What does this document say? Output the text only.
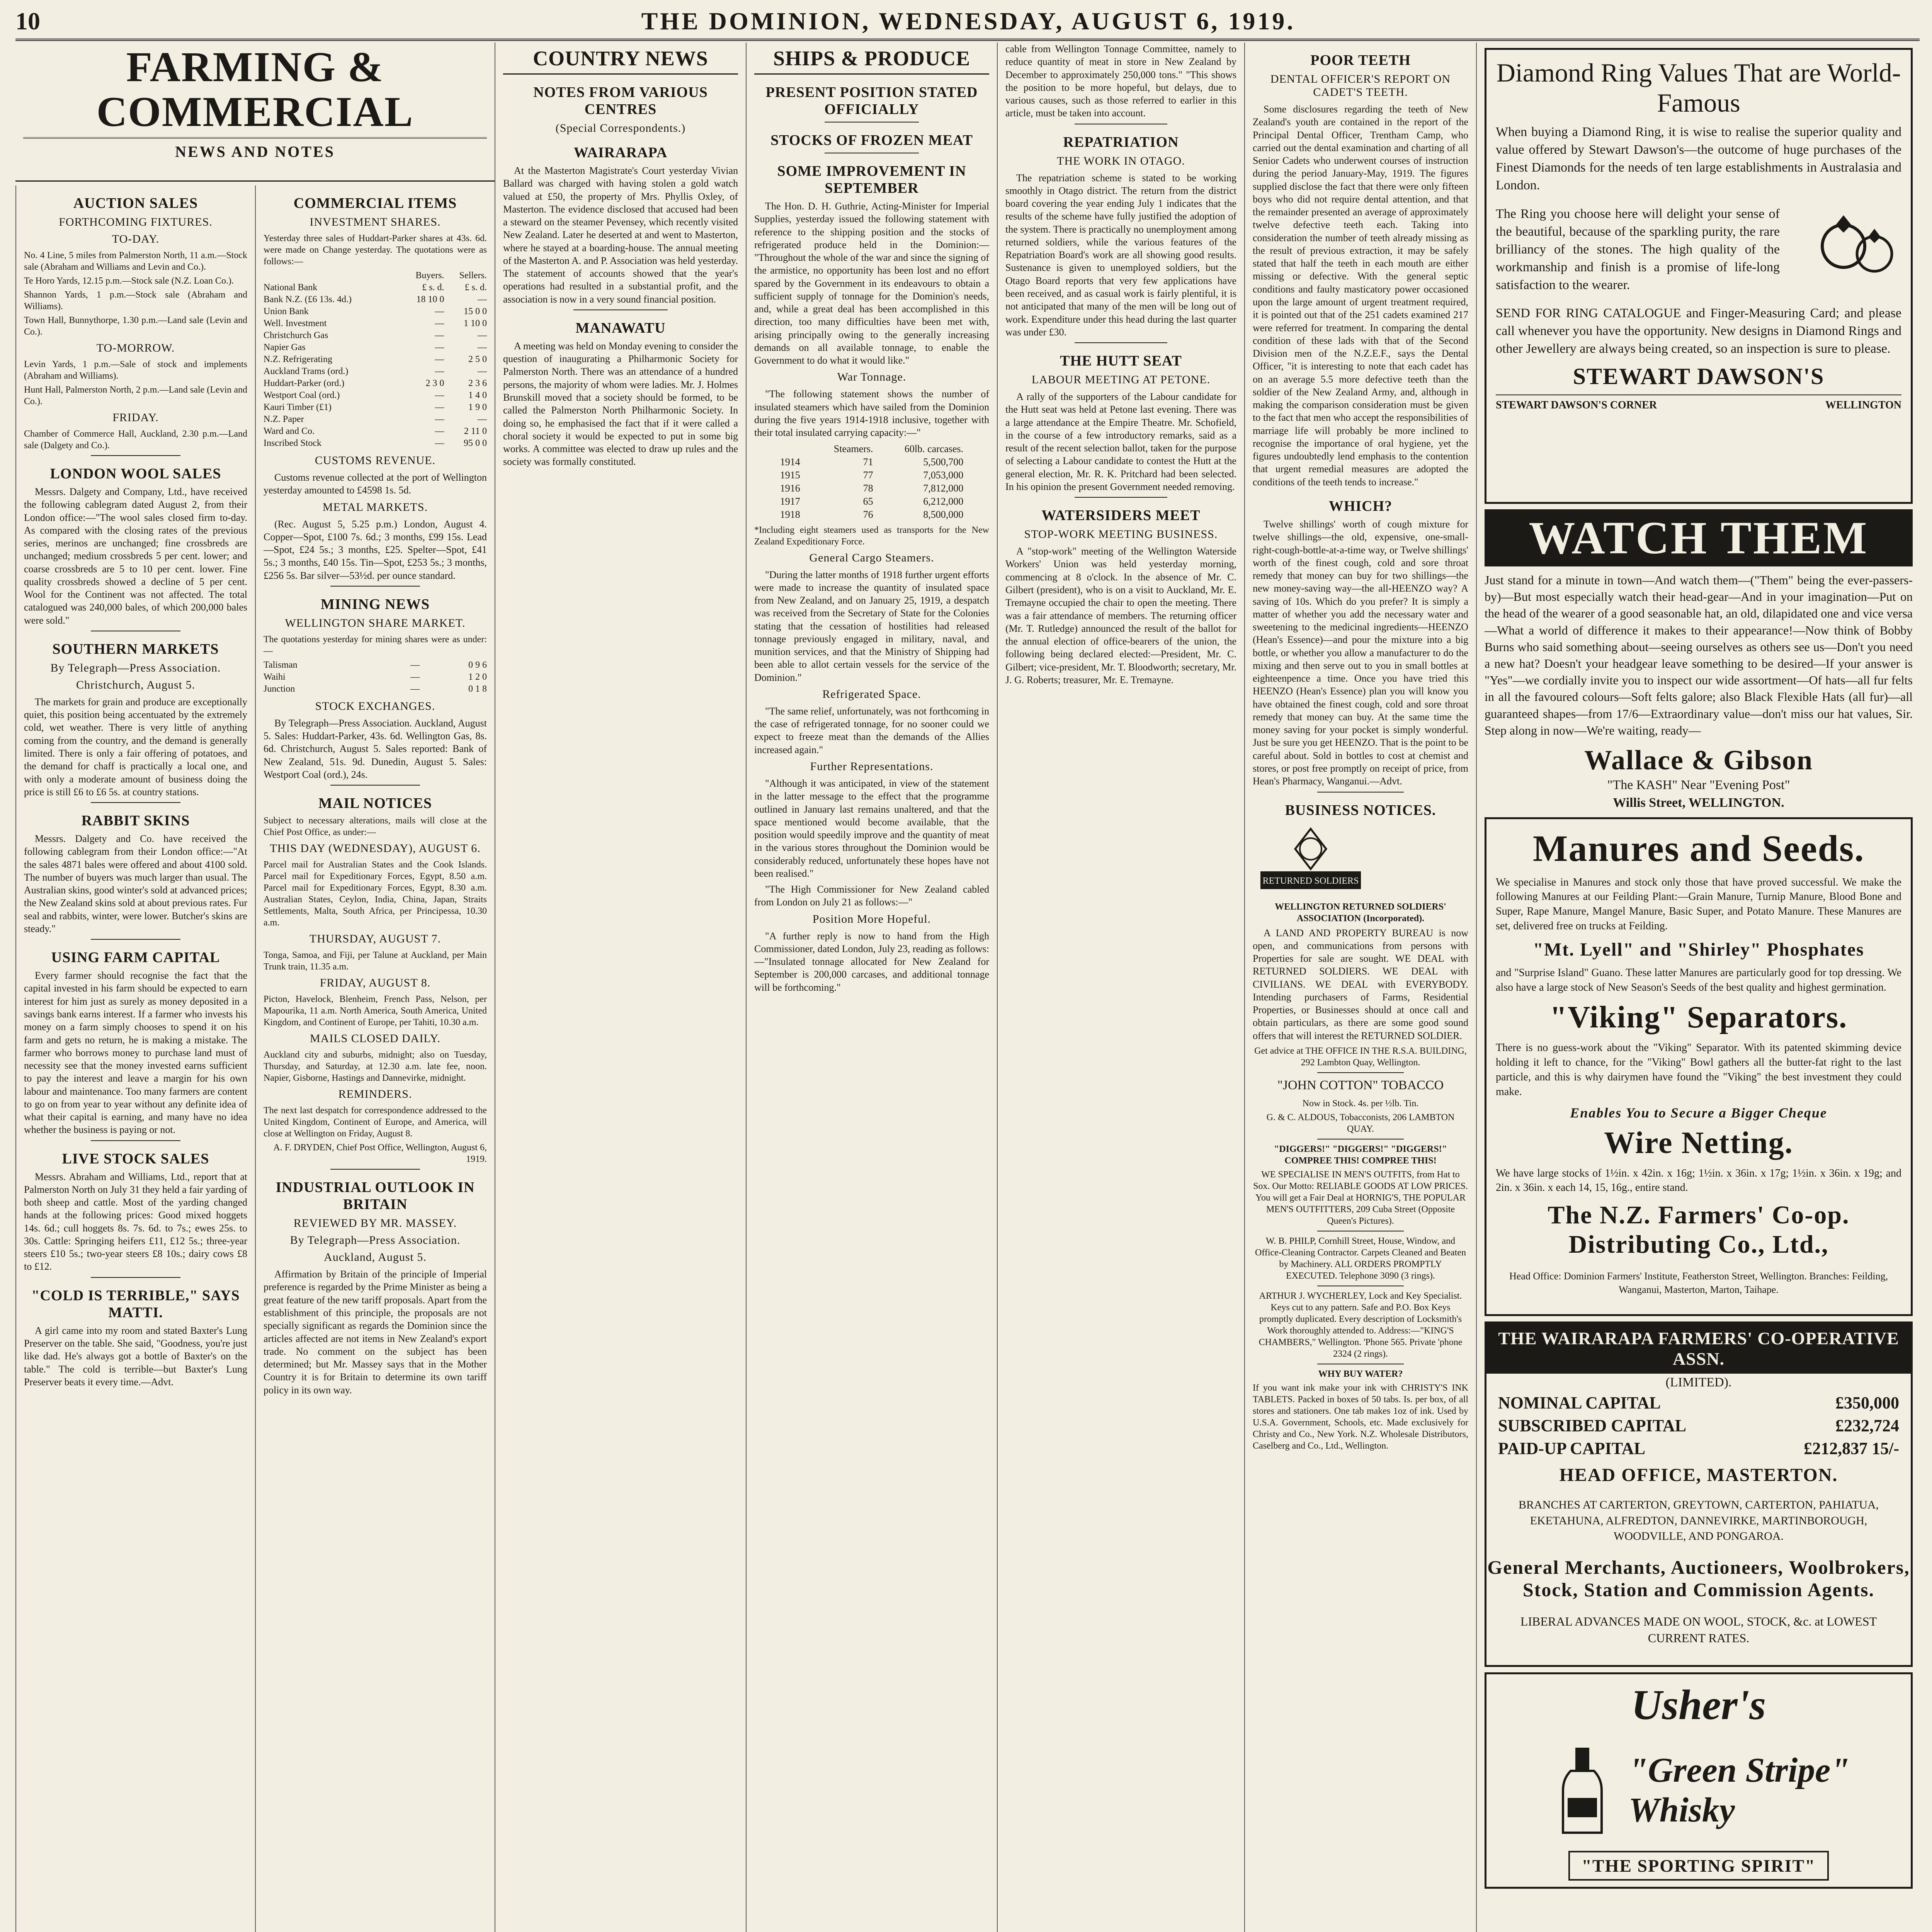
10	THE DOMINION, WEDNESDAY, AUGUST 6, 1919.
FARMING & COMMERCIAL
NEWS AND NOTES
AUCTION SALES
FORTHCOMING FIXTURES.
TO-DAY.

No. 4 Line, 5 miles from Palmerston North, 11 a.m.—Stock sale (Abraham and Williams and Levin and Co.).

Te Horo Yards, 12.15 p.m.—Stock sale (N.Z. Loan Co.).

Shannon Yards, 1 p.m.—Stock sale (Abraham and Williams).

Town Hall, Bunnythorpe, 1.30 p.m.—Land sale (Levin and Co.).

TO-MORROW.

Levin Yards, 1 p.m.—Sale of stock and implements (Abraham and Williams).

Hunt Hall, Palmerston North, 2 p.m.—Land sale (Levin and Co.).

FRIDAY.

Chamber of Commerce Hall, Auckland, 2.30 p.m.—Land sale (Dalgety and Co.).

LONDON WOOL SALES

Messrs. Dalgety and Company, Ltd., have received the following cablegram dated August 2, from their London office:—"The wool sales closed firm to-day. As compared with the closing rates of the previous series, merinos are unchanged; fine crossbreds are unchanged; medium crossbreds 5 per cent. lower; and coarse crossbreds are 5 to 10 per cent. lower. Fine quality crossbreds showed a decline of 5 per cent. Wool for the Continent was not affected. The total catalogued was 240,000 bales, of which 200,000 bales were sold."

SOUTHERN MARKETS
By Telegraph—Press Association.
Christchurch, August 5.

The markets for grain and produce are exceptionally quiet, this position being accentuated by the extremely cold, wet weather. There is very little of anything coming from the country, and the demand is generally limited. There is only a fair offering of potatoes, and the demand for chaff is practically a local one, and with only a moderate amount of business doing the price is still £6 to £6 5s. at country stations.

RABBIT SKINS

Messrs. Dalgety and Co. have received the following cablegram from their London office:—"At the sales 4871 bales were offered and about 4100 sold. The number of buyers was much larger than usual. The Australian skins, good winter's sold at advanced prices; the New Zealand skins sold at about previous rates. Fur seal and rabbits, winter, were lower. Butcher's skins are steady."

USING FARM CAPITAL

Every farmer should recognise the fact that the capital invested in his farm should be expected to earn interest for him just as surely as money deposited in a savings bank earns interest. If a farmer who invests his money on a farm simply chooses to spend it on his farm and gets no return, he is making a mistake. The farmer who borrows money to purchase land must of necessity see that the money invested earns sufficient to pay the interest and leave a margin for his own labour and maintenance. Too many farmers are content to go on from year to year without any definite idea of what their capital is earning, and many have no idea whether the business is paying or not.

LIVE STOCK SALES

Messrs. Abraham and Williams, Ltd., report that at Palmerston North on July 31 they held a fair yarding of both sheep and cattle. Most of the yarding changed hands at the following prices: Good mixed hoggets 14s. 6d.; cull hoggets 8s. 7s. 6d. to 7s.; ewes 25s. to 30s. Cattle: Springing heifers £11, £12 5s.; three-year steers £10 5s.; two-year steers £8 10s.; dairy cows £8 to £12.

"COLD IS TERRIBLE," SAYS MATTI.

A girl came into my room and stated Baxter's Lung Preserver on the table. She said, "Goodness, you're just like dad. He's always got a bottle of Baxter's on the table." The cold is terrible—but Baxter's Lung Preserver beats it every time.—Advt.

COMMERCIAL ITEMS
INVESTMENT SHARES.

Yesterday three sales of Huddart-Parker shares at 43s. 6d. were made on Change yesterday. The quotations were as follows:—

	Buyers.	Sellers.
National Bank	£ s. d.	£ s. d.
Bank N.Z. (£6 13s. 4d.)	18 10 0	—
Union Bank	—	15 0 0
Well. Investment	—	1 10 0
Christchurch Gas	—	—
Napier Gas	—	—
N.Z. Refrigerating	—	2 5 0
Auckland Trams (ord.)	—	—
Huddart-Parker (ord.)	2 3 0	2 3 6
Westport Coal (ord.)	—	1 4 0
Kauri Timber (£1)	—	1 9 0
N.Z. Paper	—	—
Ward and Co.	—	2 11 0
Inscribed Stock	—	95 0 0
CUSTOMS REVENUE.

Customs revenue collected at the port of Wellington yesterday amounted to £4598 1s. 5d.

METAL MARKETS.

(Rec. August 5, 5.25 p.m.) London, August 4. Copper—Spot, £100 7s. 6d.; 3 months, £99 15s. Lead—Spot, £24 5s.; 3 months, £25. Spelter—Spot, £41 5s.; 3 months, £40 15s. Tin—Spot, £253 5s.; 3 months, £256 5s. Bar silver—53½d. per ounce standard.

MINING NEWS
WELLINGTON SHARE MARKET.

The quotations yesterday for mining shares were as under:—

Talisman	—	0 9 6
Waihi	—	1 2 0
Junction	—	0 1 8
STOCK EXCHANGES.

By Telegraph—Press Association. Auckland, August 5. Sales: Huddart-Parker, 43s. 6d. Wellington Gas, 8s. 6d. Christchurch, August 5. Sales reported: Bank of New Zealand, 51s. 9d. Dunedin, August 5. Sales: Westport Coal (ord.), 24s.

MAIL NOTICES

Subject to necessary alterations, mails will close at the Chief Post Office, as under:—

THIS DAY (WEDNESDAY), AUGUST 6.

Parcel mail for Australian States and the Cook Islands. Parcel mail for Expeditionary Forces, Egypt, 8.50 a.m. Parcel mail for Expeditionary Forces, Egypt, 8.30 a.m. Australian States, Ceylon, India, China, Japan, Straits Settlements, Malta, South Africa, per Principessa, 10.30 a.m.

THURSDAY, AUGUST 7.

Tonga, Samoa, and Fiji, per Talune at Auckland, per Main Trunk train, 11.35 a.m.

FRIDAY, AUGUST 8.

Picton, Havelock, Blenheim, French Pass, Nelson, per Mapourika, 11 a.m. North America, South America, United Kingdom, and Continent of Europe, per Tahiti, 10.30 a.m.

MAILS CLOSED DAILY.

Auckland city and suburbs, midnight; also on Tuesday, Thursday, and Saturday, at 12.30 a.m. late fee, noon. Napier, Gisborne, Hastings and Dannevirke, midnight.

REMINDERS.

The next last despatch for correspondence addressed to the United Kingdom, Continent of Europe, and America, will close at Wellington on Friday, August 8.

A. F. DRYDEN, Chief Post Office, Wellington, August 6, 1919.

INDUSTRIAL OUTLOOK IN BRITAIN
REVIEWED BY MR. MASSEY.
By Telegraph—Press Association.
Auckland, August 5.

Affirmation by Britain of the principle of Imperial preference is regarded by the Prime Minister as being a great feature of the new tariff proposals. Apart from the establishment of this principle, the proposals are not specially significant as regards the Dominion since the articles affected are not items in New Zealand's export trade. No comment on the subject has been determined; but Mr. Massey says that in the Mother Country it is for Britain to determine its own tariff policy in its own way.

COUNTRY NEWS
NOTES FROM VARIOUS CENTRES
(Special Correspondents.)
WAIRARAPA

At the Masterton Magistrate's Court yesterday Vivian Ballard was charged with having stolen a gold watch valued at £50, the property of Mrs. Phyllis Oxley, of Masterton. The evidence disclosed that accused had been a steward on the steamer Pevensey, which recently visited New Zealand. Later he deserted at and went to Masterton, where he stayed at a boarding-house. The annual meeting of the Masterton A. and P. Association was held yesterday. The statement of accounts showed that the year's operations had resulted in a substantial profit, and the association is now in a very sound financial position.

MANAWATU

A meeting was held on Monday evening to consider the question of inaugurating a Philharmonic Society for Palmerston North. There was an attendance of a hundred persons, the majority of whom were ladies. Mr. J. Holmes Brunskill moved that a society should be formed, to be called the Palmerston North Philharmonic Society. In doing so, he emphasised the fact that if it were called a choral society it would be expected to put in some big works. A committee was elected to draw up rules and the society was formally constituted.

SHIPS & PRODUCE
PRESENT POSITION STATED OFFICIALLY
STOCKS OF FROZEN MEAT
SOME IMPROVEMENT IN SEPTEMBER

The Hon. D. H. Guthrie, Acting-Minister for Imperial Supplies, yesterday issued the following statement with reference to the shipping position and the stocks of refrigerated produce held in the Dominion:— "Throughout the whole of the war and since the signing of the armistice, no opportunity has been lost and no effort spared by the Government in its endeavours to obtain a sufficient supply of tonnage for the Dominion's needs, and, while a great deal has been accomplished in this direction, too many difficulties have been met with, arising principally owing to the generally increasing demands on all available tonnage, to enable the Government to do what it would like."

War Tonnage.

"The following statement shows the number of insulated steamers which have sailed from the Dominion during the five years 1914-1918 inclusive, together with their total insulated carrying capacity:—"

	Steamers.	60lb. carcases.
1914	71	5,500,700
1915	77	7,053,000
1916	78	7,812,000
1917	65	6,212,000
1918	76	8,500,000

*Including eight steamers used as transports for the New Zealand Expeditionary Force.

General Cargo Steamers.

"During the latter months of 1918 further urgent efforts were made to increase the quantity of insulated space from New Zealand, and on January 25, 1919, a despatch was received from the Secretary of State for the Colonies stating that the cessation of hostilities had released tonnage previously engaged in military, naval, and munition services, and that the Ministry of Shipping had been able to allot certain vessels for the service of the Dominion."

Refrigerated Space.

"The same relief, unfortunately, was not forthcoming in the case of refrigerated tonnage, for no sooner could we expect to freeze meat than the demands of the Allies increased again."

Further Representations.

"Although it was anticipated, in view of the statement in the latter message to the effect that the programme outlined in January last remains unaltered, and that the space mentioned would become available, that the position would speedily improve and the quantity of meat in the various stores throughout the Dominion would be considerably reduced, unfortunately these hopes have not been realised."

"The High Commissioner for New Zealand cabled from London on July 21 as follows:—"

Position More Hopeful.

"A further reply is now to hand from the High Commissioner, dated London, July 23, reading as follows:—"Insulated tonnage allocated for New Zealand for September is 200,000 carcases, and additional tonnage will be forthcoming."

cable from Wellington Tonnage Committee, namely to reduce quantity of meat in store in New Zealand by December to approximately 250,000 tons." "This shows the position to be more hopeful, but delays, due to various causes, such as those referred to earlier in this article, must be taken into account.

REPATRIATION
THE WORK IN OTAGO.

The repatriation scheme is stated to be working smoothly in Otago district. The return from the district board covering the year ending July 1 indicates that the results of the scheme have fully justified the adoption of the system. There is practically no unemployment among returned soldiers, while the various features of the Repatriation Board's work are all showing good results. Sustenance is given to unemployed soldiers, but the Otago Board reports that very few applications have been received, and as casual work is fairly plentiful, it is not anticipated that many of the men will be long out of work. Expenditure under this head during the last quarter was under £30.

THE HUTT SEAT
LABOUR MEETING AT PETONE.

A rally of the supporters of the Labour candidate for the Hutt seat was held at Petone last evening. There was a large attendance at the Empire Theatre. Mr. Schofield, in the course of a few introductory remarks, said as a result of the recent selection ballot, taken for the purpose of selecting a Labour candidate to contest the Hutt at the general election, Mr. R. K. Pritchard had been selected. In his opinion the present Government needed removing.

WATERSIDERS MEET
STOP-WORK MEETING BUSINESS.

A "stop-work" meeting of the Wellington Waterside Workers' Union was held yesterday morning, commencing at 8 o'clock. In the absence of Mr. C. Gilbert (president), who is on a visit to Auckland, Mr. E. Tremayne occupied the chair to open the meeting. There was a fair attendance of members. The returning officer (Mr. T. Rutledge) announced the result of the ballot for the annual election of office-bearers of the union, the following being declared elected:—President, Mr. C. Gilbert; vice-president, Mr. T. Bloodworth; secretary, Mr. J. G. Roberts; treasurer, Mr. E. Tremayne.

POOR TEETH
DENTAL OFFICER'S REPORT ON CADET'S TEETH.

Some disclosures regarding the teeth of New Zealand's youth are contained in the report of the Principal Dental Officer, Trentham Camp, who carried out the dental examination and charting of all Senior Cadets who underwent courses of instruction during the period January-May, 1919. The figures supplied disclose the fact that there were only fifteen boys who did not require dental attention, and that the remainder presented an average of approximately twelve defective teeth each. Taking into consideration the number of teeth already missing as the result of previous extraction, it may be safely stated that half the teeth in each mouth are either missing or defective. With the general septic conditions and faulty masticatory power occasioned upon the large amount of urgent treatment required, it is pointed out that of the 251 cadets examined 217 were referred for treatment. In comparing the dental condition of these lads with that of the Second Division men of the N.Z.E.F., says the Dental Officer, "it is interesting to note that each cadet has on an average 5.5 more defective teeth than the soldier of the New Zealand Army, and, although in making the comparison consideration must be given to the fact that men who accept the responsibilities of marriage life will probably be more inclined to recognise the importance of oral hygiene, yet the figures undoubtedly lend emphasis to the contention that urgent remedial measures are adopted the conditions of the teeth tends to increase."

WHICH?

Twelve shillings' worth of cough mixture for twelve shillings—the old, expensive, one-small-right-cough-bottle-at-a-time way, or Twelve shillings' worth of the finest cough, cold and sore throat remedy that money can buy for two shillings—the new money-saving way—the all-HEENZO way? A saving of 10s. Which do you prefer? It is simply a matter of whether you add the necessary water and sweetening to the medicinal ingredients—HEENZO (Hean's Essence)—and pour the mixture into a big bottle, or whether you allow a manufacturer to do the mixing and then serve out to you in small bottles at eighteenpence a time. Once you have tried this HEENZO (Hean's Essence) plan you will know you have obtained the finest cough, cold and sore throat remedy that money can buy. At the same time the money saving for your pocket is simply wonderful. Just be sure you get HEENZO. That is the point to be careful about. Sold in bottles to cost at chemist and stores, or post free promptly on receipt of price, from Hean's Pharmacy, Wanganui.—Advt.

BUSINESS NOTICES.
RETURNED SOLDIERS

WELLINGTON RETURNED SOLDIERS' ASSOCIATION (Incorporated).

A LAND AND PROPERTY BUREAU is now open, and communications from persons with Properties for sale are sought. WE DEAL with RETURNED SOLDIERS. WE DEAL with CIVILIANS. WE DEAL with EVERYBODY. Intending purchasers of Farms, Residential Properties, or Businesses should at once call and obtain particulars, as there are some good sound offers that will interest the RETURNED SOLDIER.

Get advice at THE OFFICE IN THE R.S.A. BUILDING, 292 Lambton Quay, Wellington.

"JOHN COTTON" TOBACCO

Now in Stock. 4s. per ½lb. Tin.

G. & C. ALDOUS, Tobacconists, 206 LAMBTON QUAY.

"DIGGERS!" "DIGGERS!" "DIGGERS!" COMPREE THIS! COMPREE THIS!

WE SPECIALISE IN MEN'S OUTFITS, from Hat to Sox. Our Motto: RELIABLE GOODS AT LOW PRICES. You will get a Fair Deal at HORNIG'S, THE POPULAR MEN'S OUTFITTERS, 209 Cuba Street (Opposite Queen's Pictures).

W. B. PHILP, Cornhill Street, House, Window, and Office-Cleaning Contractor. Carpets Cleaned and Beaten by Machinery. ALL ORDERS PROMPTLY EXECUTED. Telephone 3090 (3 rings).

ARTHUR J. WYCHERLEY, Lock and Key Specialist. Keys cut to any pattern. Safe and P.O. Box Keys promptly duplicated. Every description of Locksmith's Work thoroughly attended to. Address:—"KING'S CHAMBERS," Wellington. 'Phone 565. Private 'phone 2324 (2 rings).

WHY BUY WATER?

If you want ink make your ink with CHRISTY'S INK TABLETS. Packed in boxes of 50 tabs. Is. per box, of all stores and stationers. One tab makes 1oz of ink. Used by U.S.A. Government, Schools, etc. Made exclusively for Christy and Co., New York. N.Z. Wholesale Distributors, Caselberg and Co., Ltd., Wellington.

Diamond Ring Values That are World-Famous

When buying a Diamond Ring, it is wise to realise the superior quality and value offered by Stewart Dawson's—the outcome of huge purchases of the Finest Diamonds for the needs of ten large establishments in Australasia and London.

The Ring you choose here will delight your sense of the beautiful, because of the sparkling purity, the rare brilliancy of the stones. The high quality of the workmanship and finish is a promise of life-long satisfaction to the wearer.

SEND FOR RING CATALOGUE and Finger-Measuring Card; and please call whenever you have the opportunity. New designs in Diamond Rings and other Jewellery are always being created, so an inspection is sure to please.

STEWART DAWSON'S
STEWART DAWSON'S CORNER	WELLINGTON
WATCH THEM

Just stand for a minute in town—And watch them—("Them" being the ever-passers-by)—But most especially watch their head-gear—And in your imagination—Put on the head of the wearer of a good seasonable hat, an old, dilapidated one and vice versa—What a world of difference it makes to their appearance!—Now think of Bobby Burns who said something about—seeing ourselves as others see us—Don't you need a new hat? Doesn't your headgear leave something to be desired—If your answer is "Yes"—we cordially invite you to inspect our wide assortment—Of hats—all fur felts in all the favoured colours—Soft felts galore; also Black Flexible Hats (all fur)—all guaranteed shapes—from 17/6—Extraordinary value—don't miss our hat values, Sir. Step along in now—We're waiting, ready—

Wallace & Gibson
"The KASH" Near "Evening Post"
Willis Street, WELLINGTON.
Manures and Seeds.

We specialise in Manures and stock only those that have proved successful. We make the following Manures at our Feilding Plant:—Grain Manure, Turnip Manure, Blood Bone and Super, Rape Manure, Mangel Manure, Basic Super, and Potato Manure. These Manures are set, delivered free on trucks at Feilding.

"Mt. Lyell" and "Shirley" Phosphates

and "Surprise Island" Guano. These latter Manures are particularly good for top dressing. We also have a large stock of New Season's Seeds of the best quality and highest germination.

"Viking" Separators.

There is no guess-work about the "Viking" Separator. With its patented skimming device holding it left to chance, for the "Viking" Bowl gathers all the butter-fat right to the last particle, and this is why dairymen have found the "Viking" the best investment they could make.

Enables You to Secure a Bigger Cheque
Wire Netting.

We have large stocks of 1½in. x 42in. x 16g; 1½in. x 36in. x 17g; 1½in. x 36in. x 19g; and 2in. x 36in. x each 14, 15, 16g., entire stand.

The N.Z. Farmers' Co-op. Distributing Co., Ltd.,

Head Office: Dominion Farmers' Institute, Featherston Street, Wellington. Branches: Feilding, Wanganui, Masterton, Marton, Taihape.

THE WAIRARAPA FARMERS' CO-OPERATIVE ASSN.
(LIMITED).
NOMINAL CAPITAL	£350,000
SUBSCRIBED CAPITAL	£232,724
PAID-UP CAPITAL	£212,837 15/-
HEAD OFFICE, MASTERTON.

BRANCHES AT CARTERTON, GREYTOWN, CARTERTON, PAHIATUA, EKETAHUNA, ALFREDTON, DANNEVIRKE, MARTINBOROUGH, WOODVILLE, AND PONGAROA.

General Merchants, Auctioneers, Woolbrokers, Stock, Station and Commission Agents.

LIBERAL ADVANCES MADE ON WOOL, STOCK, &c. at LOWEST CURRENT RATES.

Usher's
"Green Stripe"
Whisky
"THE SPORTING SPIRIT"
